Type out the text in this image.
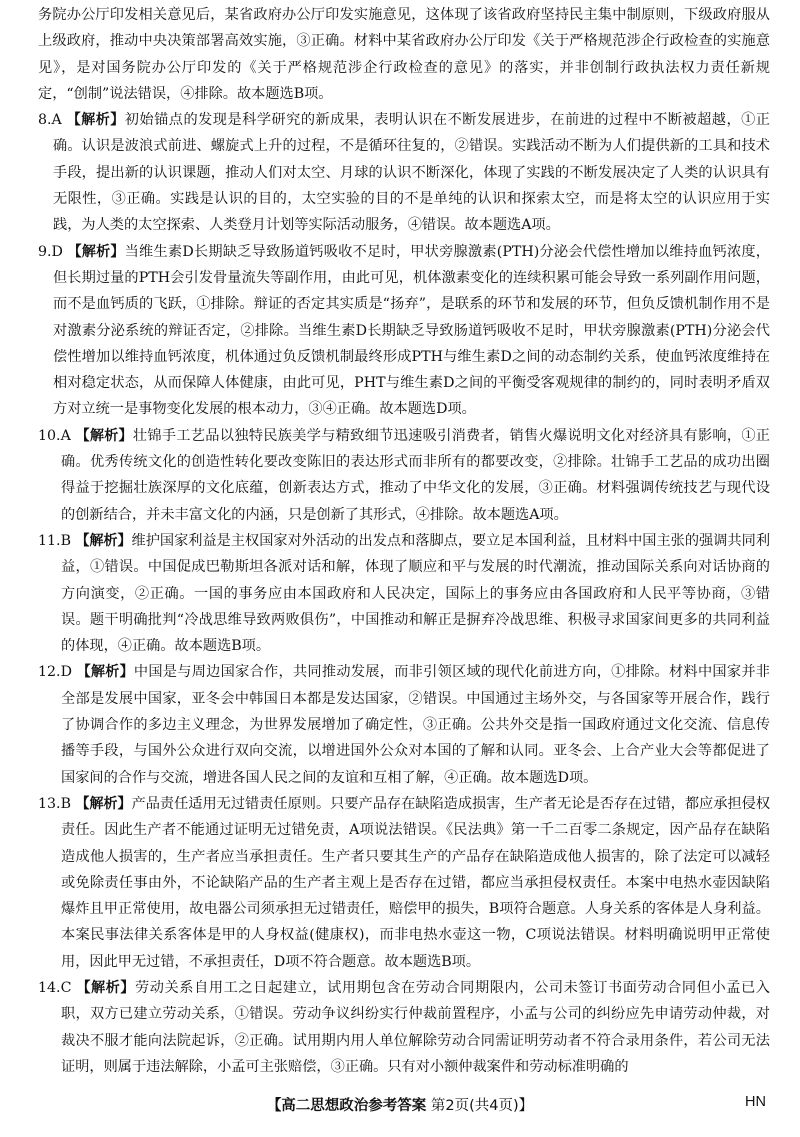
务院办公厅印发相关意见后，某省政府办公厅印发实施意见，这体现了该省政府坚持民主集中制原则，下级政府服从上级政府，推动中央决策部署高效实施，③正确。材料中某省政府办公厅印发《关于严格规范涉企行政检查的实施意见》，是对国务院办公厅印发的《关于严格规范涉企行政检查的意见》的落实，并非创制行政执法权力责任新规定，“创制”说法错误，④排除。故本题选B项。

8.A 【解析】初始锚点的发现是科学研究的新成果，表明认识在不断发展进步，在前进的过程中不断被超越，①正确。认识是波浪式前进、螺旋式上升的过程，不是循环往复的，②错误。实践活动不断为人们提供新的工具和技术手段，提出新的认识课题，推动人们对太空、月球的认识不断深化，体现了实践的不断发展决定了人类的认识具有无限性，③正确。实践是认识的目的，太空实验的目的不是单纯的认识和探索太空，而是将太空的认识应用于实践，为人类的太空探索、人类登月计划等实际活动服务，④错误。故本题选A项。

9.D 【解析】当维生素D长期缺乏导致肠道钙吸收不足时，甲状旁腺激素(PTH)分泌会代偿性增加以维持血钙浓度，但长期过量的PTH会引发骨量流失等副作用，由此可见，机体激素变化的连续积累可能会导致一系列副作用问题，而不是血钙质的飞跃，①排除。辩证的否定其实质是“扬弃”，是联系的环节和发展的环节，但负反馈机制作用不是对激素分泌系统的辩证否定，②排除。当维生素D长期缺乏导致肠道钙吸收不足时，甲状旁腺激素(PTH)分泌会代偿性增加以维持血钙浓度，机体通过负反馈机制最终形成PTH与维生素D之间的动态制约关系，使血钙浓度维持在相对稳定状态，从而保障人体健康，由此可见，PHT与维生素D之间的平衡受客观规律的制约的，同时表明矛盾双方对立统一是事物变化发展的根本动力，③④正确。故本题选D项。

10.A 【解析】壮锦手工艺品以独特民族美学与精致细节迅速吸引消费者，销售火爆说明文化对经济具有影响，①正确。优秀传统文化的创造性转化要改变陈旧的表达形式而非所有的都要改变，②排除。壮锦手工艺品的成功出圈得益于挖掘壮族深厚的文化底蕴，创新表达方式，推动了中华文化的发展，③正确。材料强调传统技艺与现代设的创新结合，并未丰富文化的内涵，只是创新了其形式，④排除。故本题选A项。

11.B 【解析】维护国家利益是主权国家对外活动的出发点和落脚点，要立足本国利益，且材料中国主张的强调共同利益，①错误。中国促成巴勒斯坦各派对话和解，体现了顺应和平与发展的时代潮流，推动国际关系向对话协商的方向演变，②正确。一国的事务应由本国政府和人民决定，国际上的事务应由各国政府和人民平等协商，③错误。题干明确批判“冷战思维导致两败俱伤”，中国推动和解正是摒弃冷战思维、积极寻求国家间更多的共同利益的体现，④正确。故本题选B项。

12.D 【解析】中国是与周边国家合作，共同推动发展，而非引领区域的现代化前进方向，①排除。材料中国家并非全部是发展中国家，亚冬会中韩国日本都是发达国家，②错误。中国通过主场外交，与各国家等开展合作，践行了协调合作的多边主义理念，为世界发展增加了确定性，③正确。公共外交是指一国政府通过文化交流、信息传播等手段，与国外公众进行双向交流，以增进国外公众对本国的了解和认同。亚冬会、上合产业大会等都促进了国家间的合作与交流，增进各国人民之间的友谊和互相了解，④正确。故本题选D项。

13.B 【解析】产品责任适用无过错责任原则。只要产品存在缺陷造成损害，生产者无论是否存在过错，都应承担侵权责任。因此生产者不能通过证明无过错免责，A项说法错误。《民法典》第一千二百零二条规定，因产品存在缺陷造成他人损害的，生产者应当承担责任。生产者只要其生产的产品存在缺陷造成他人损害的，除了法定可以减轻或免除责任事由外，不论缺陷产品的生产者主观上是否存在过错，都应当承担侵权责任。本案中电热水壶因缺陷爆炸且甲正常使用，故电器公司须承担无过错责任，赔偿甲的损失，B项符合题意。人身关系的客体是人身利益。本案民事法律关系客体是甲的人身权益(健康权)，而非电热水壶这一物，C项说法错误。材料明确说明甲正常使用，因此甲无过错，不承担责任，D项不符合题意。故本题选B项。

14.C 【解析】劳动关系自用工之日起建立，试用期包含在劳动合同期限内，公司未签订书面劳动合同但小孟已入职，双方已建立劳动关系，①错误。劳动争议纠纷实行仲裁前置程序，小孟与公司的纠纷应先申请劳动仲裁，对裁决不服才能向法院起诉，②正确。试用期内用人单位解除劳动合同需证明劳动者不符合录用条件，若公司无法证明，则属于违法解除，小孟可主张赔偿，③正确。只有对小额仲裁案件和劳动标准明确的

【高二思想政治参考答案 第2页(共4页)】	HN
